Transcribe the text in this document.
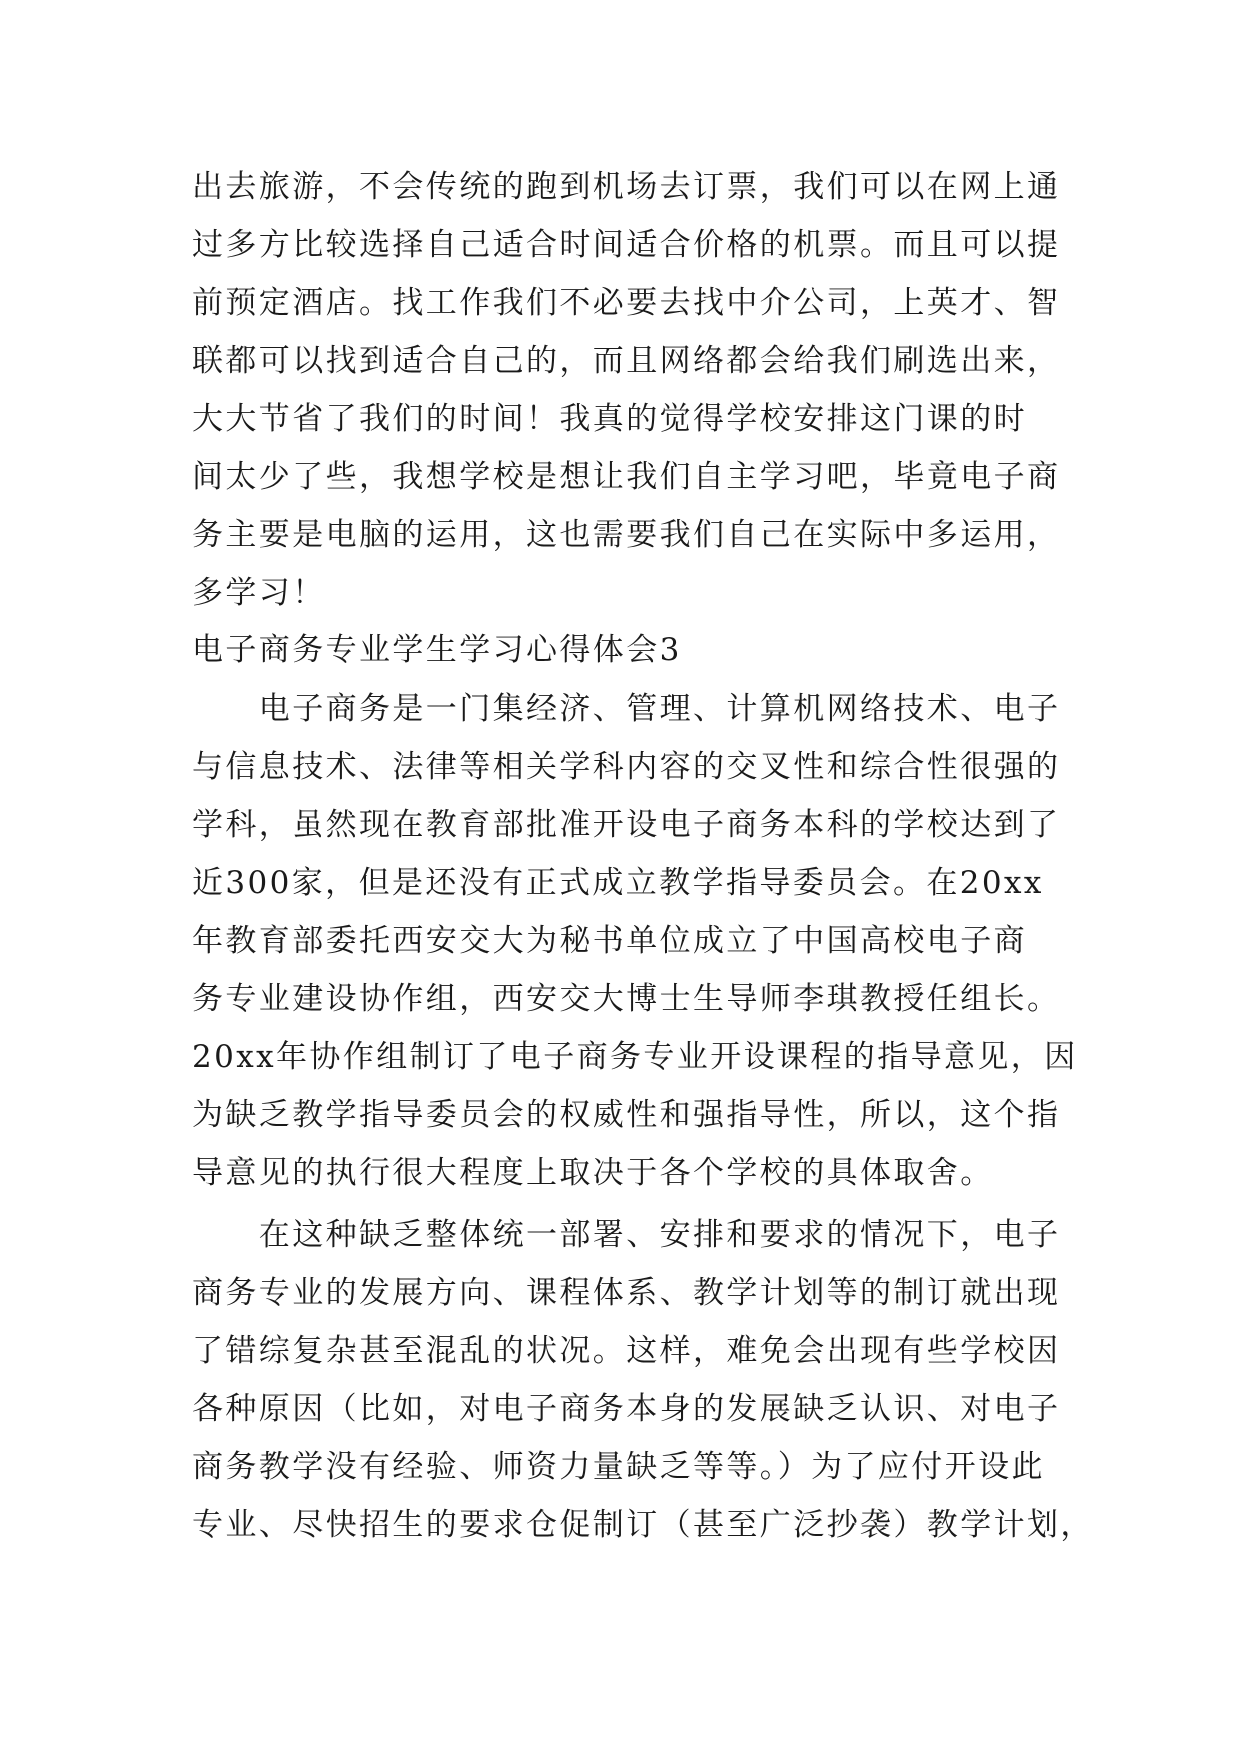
出去旅游，不会传统的跑到机场去订票，我们可以在网上通
过多方比较选择自己适合时间适合价格的机票。而且可以提
前预定酒店。找工作我们不必要去找中介公司，上英才、智
联都可以找到适合自己的，而且网络都会给我们刷选出来，
大大节省了我们的时间！我真的觉得学校安排这门课的时
间太少了些，我想学校是想让我们自主学习吧，毕竟电子商
务主要是电脑的运用，这也需要我们自己在实际中多运用，
多学习！
电子商务专业学生学习心得体会3
　　电子商务是一门集经济、管理、计算机网络技术、电子
与信息技术、法律等相关学科内容的交叉性和综合性很强的
学科，虽然现在教育部批准开设电子商务本科的学校达到了
近300家，但是还没有正式成立教学指导委员会。在20xx
年教育部委托西安交大为秘书单位成立了中国高校电子商
务专业建设协作组，西安交大博士生导师李琪教授任组长。
20xx年协作组制订了电子商务专业开设课程的指导意见，因
为缺乏教学指导委员会的权威性和强指导性，所以，这个指
导意见的执行很大程度上取决于各个学校的具体取舍。
　　在这种缺乏整体统一部署、安排和要求的情况下，电子
商务专业的发展方向、课程体系、教学计划等的制订就出现
了错综复杂甚至混乱的状况。这样，难免会出现有些学校因
各种原因（比如，对电子商务本身的发展缺乏认识、对电子
商务教学没有经验、师资力量缺乏等等。）为了应付开设此
专业、尽快招生的要求仓促制订（甚至广泛抄袭）教学计划，
